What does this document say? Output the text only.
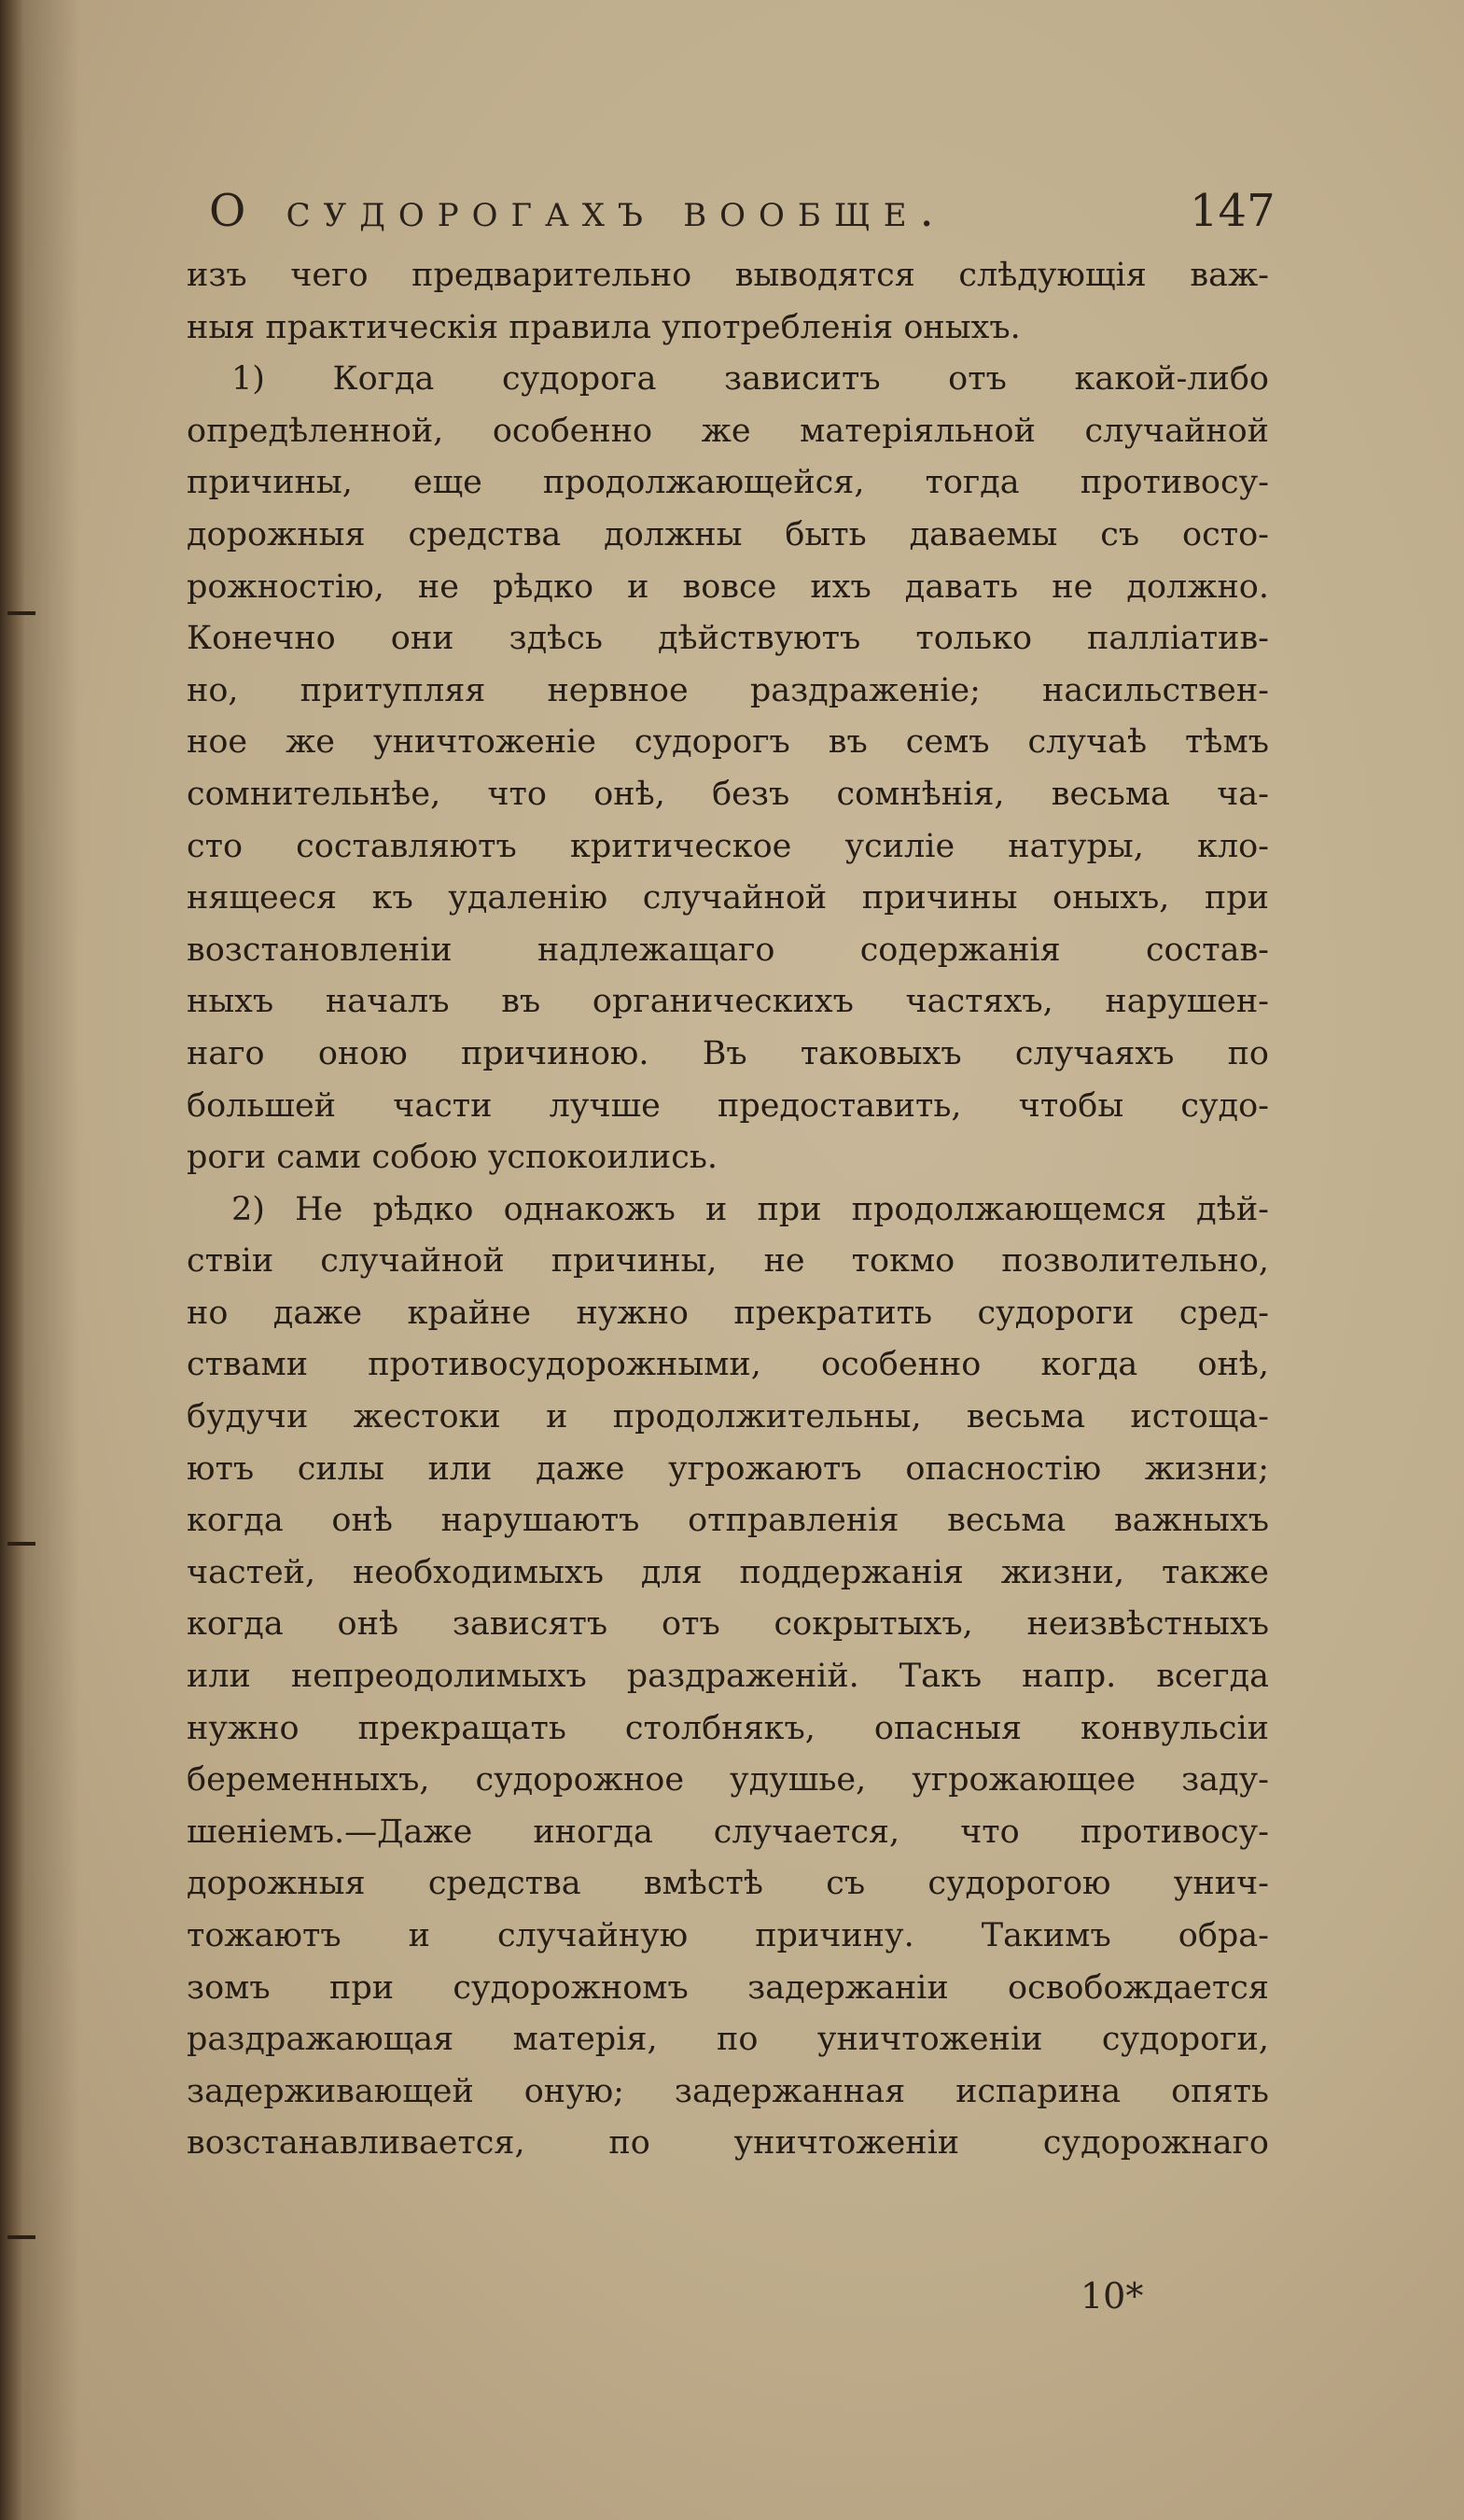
О судорогахъ вообще.	147
изъ чего предварительно выводятся слѣдующія важ-
ныя практическія правила употребленія оныхъ.
1) Когда судорога зависитъ отъ какой-либо
опредѣленной, особенно же матеріяльной случайной
причины, еще продолжающейся, тогда противосу-
дорожныя средства должны быть даваемы съ осто-
рожностію, не рѣдко и вовсе ихъ давать не должно.
Конечно они здѣсь дѣйствуютъ только палліатив-
но, притупляя нервное раздраженіе; насильствен-
ное же уничтоженіе судорогъ въ семъ случаѣ тѣмъ
сомнительнѣе, что онѣ, безъ сомнѣнія, весьма ча-
сто составляютъ критическое усиліе натуры, кло-
нящееся къ удаленію случайной причины оныхъ, при
возстановленіи надлежащаго содержанія состав-
ныхъ началъ въ органическихъ частяхъ, нарушен-
наго оною причиною. Въ таковыхъ случаяхъ по
большей части лучше предоставить, чтобы судо-
роги сами собою успокоились.
2) Не рѣдко однакожъ и при продолжающемся дѣй-
ствіи случайной причины, не токмо позволительно,
но даже крайне нужно прекратить судороги сред-
ствами противосудорожными, особенно когда онѣ,
будучи жестоки и продолжительны, весьма истоща-
ютъ силы или даже угрожаютъ опасностію жизни;
когда онѣ нарушаютъ отправленія весьма важныхъ
частей, необходимыхъ для поддержанія жизни, также
когда онѣ зависятъ отъ сокрытыхъ, неизвѣстныхъ
или непреодолимыхъ раздраженій. Такъ напр. всегда
нужно прекращать столбнякъ, опасныя конвульсіи
беременныхъ, судорожное удушье, угрожающее заду-
шеніемъ.—Даже иногда случается, что противосу-
дорожныя средства вмѣстѣ съ судорогою унич-
тожаютъ и случайную причину. Такимъ обра-
зомъ при судорожномъ задержаніи освобождается
раздражающая матерія, по уничтоженіи судороги,
задерживающей оную; задержанная испарина опять
возстанавливается, по уничтоженіи судорожнаго
10*
